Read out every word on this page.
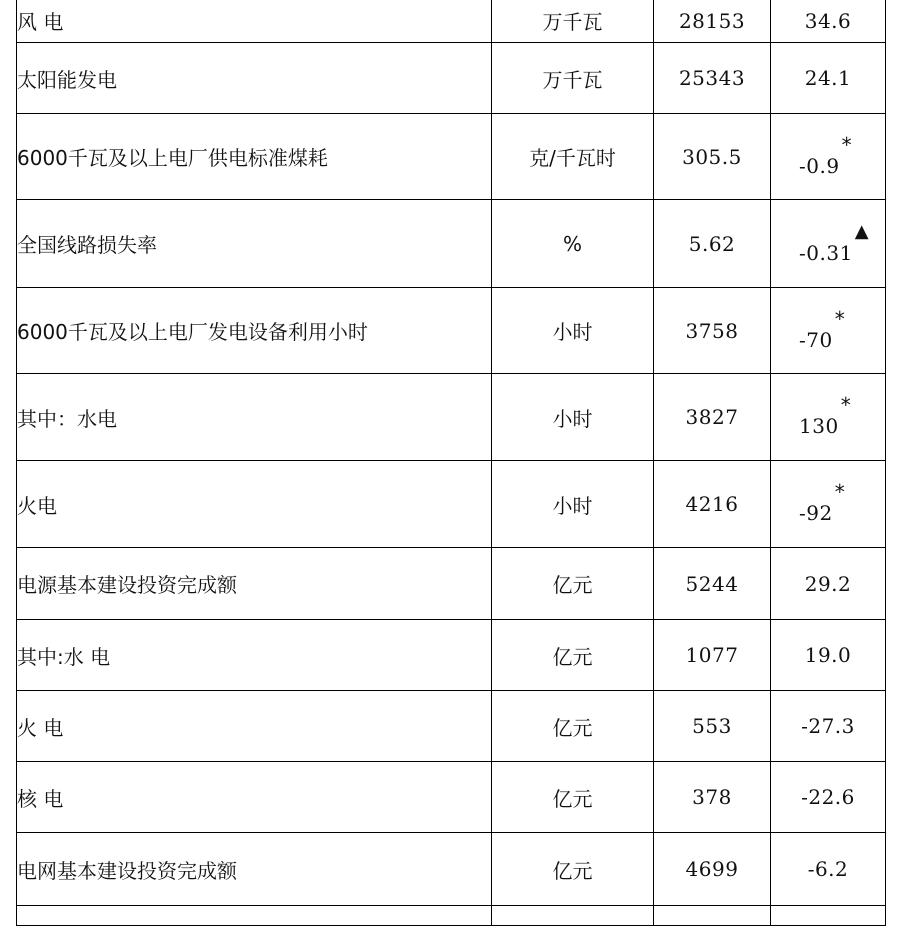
风 电	万千瓦	28153	34.6
太阳能发电	万千瓦	25343	24.1
6000千瓦及以上电厂供电标准煤耗	克/千瓦时	305.5	-0.9*
全国线路损失率	%	5.62	-0.31▲
6000千瓦及以上电厂发电设备利用小时	小时	3758	-70*
其中：水电	小时	3827	130*
火电	小时	4216	-92*
电源基本建设投资完成额	亿元	5244	29.2
其中:水 电	亿元	1077	19.0
火 电	亿元	553	-27.3
核 电	亿元	378	-22.6
电网基本建设投资完成额	亿元	4699	-6.2
